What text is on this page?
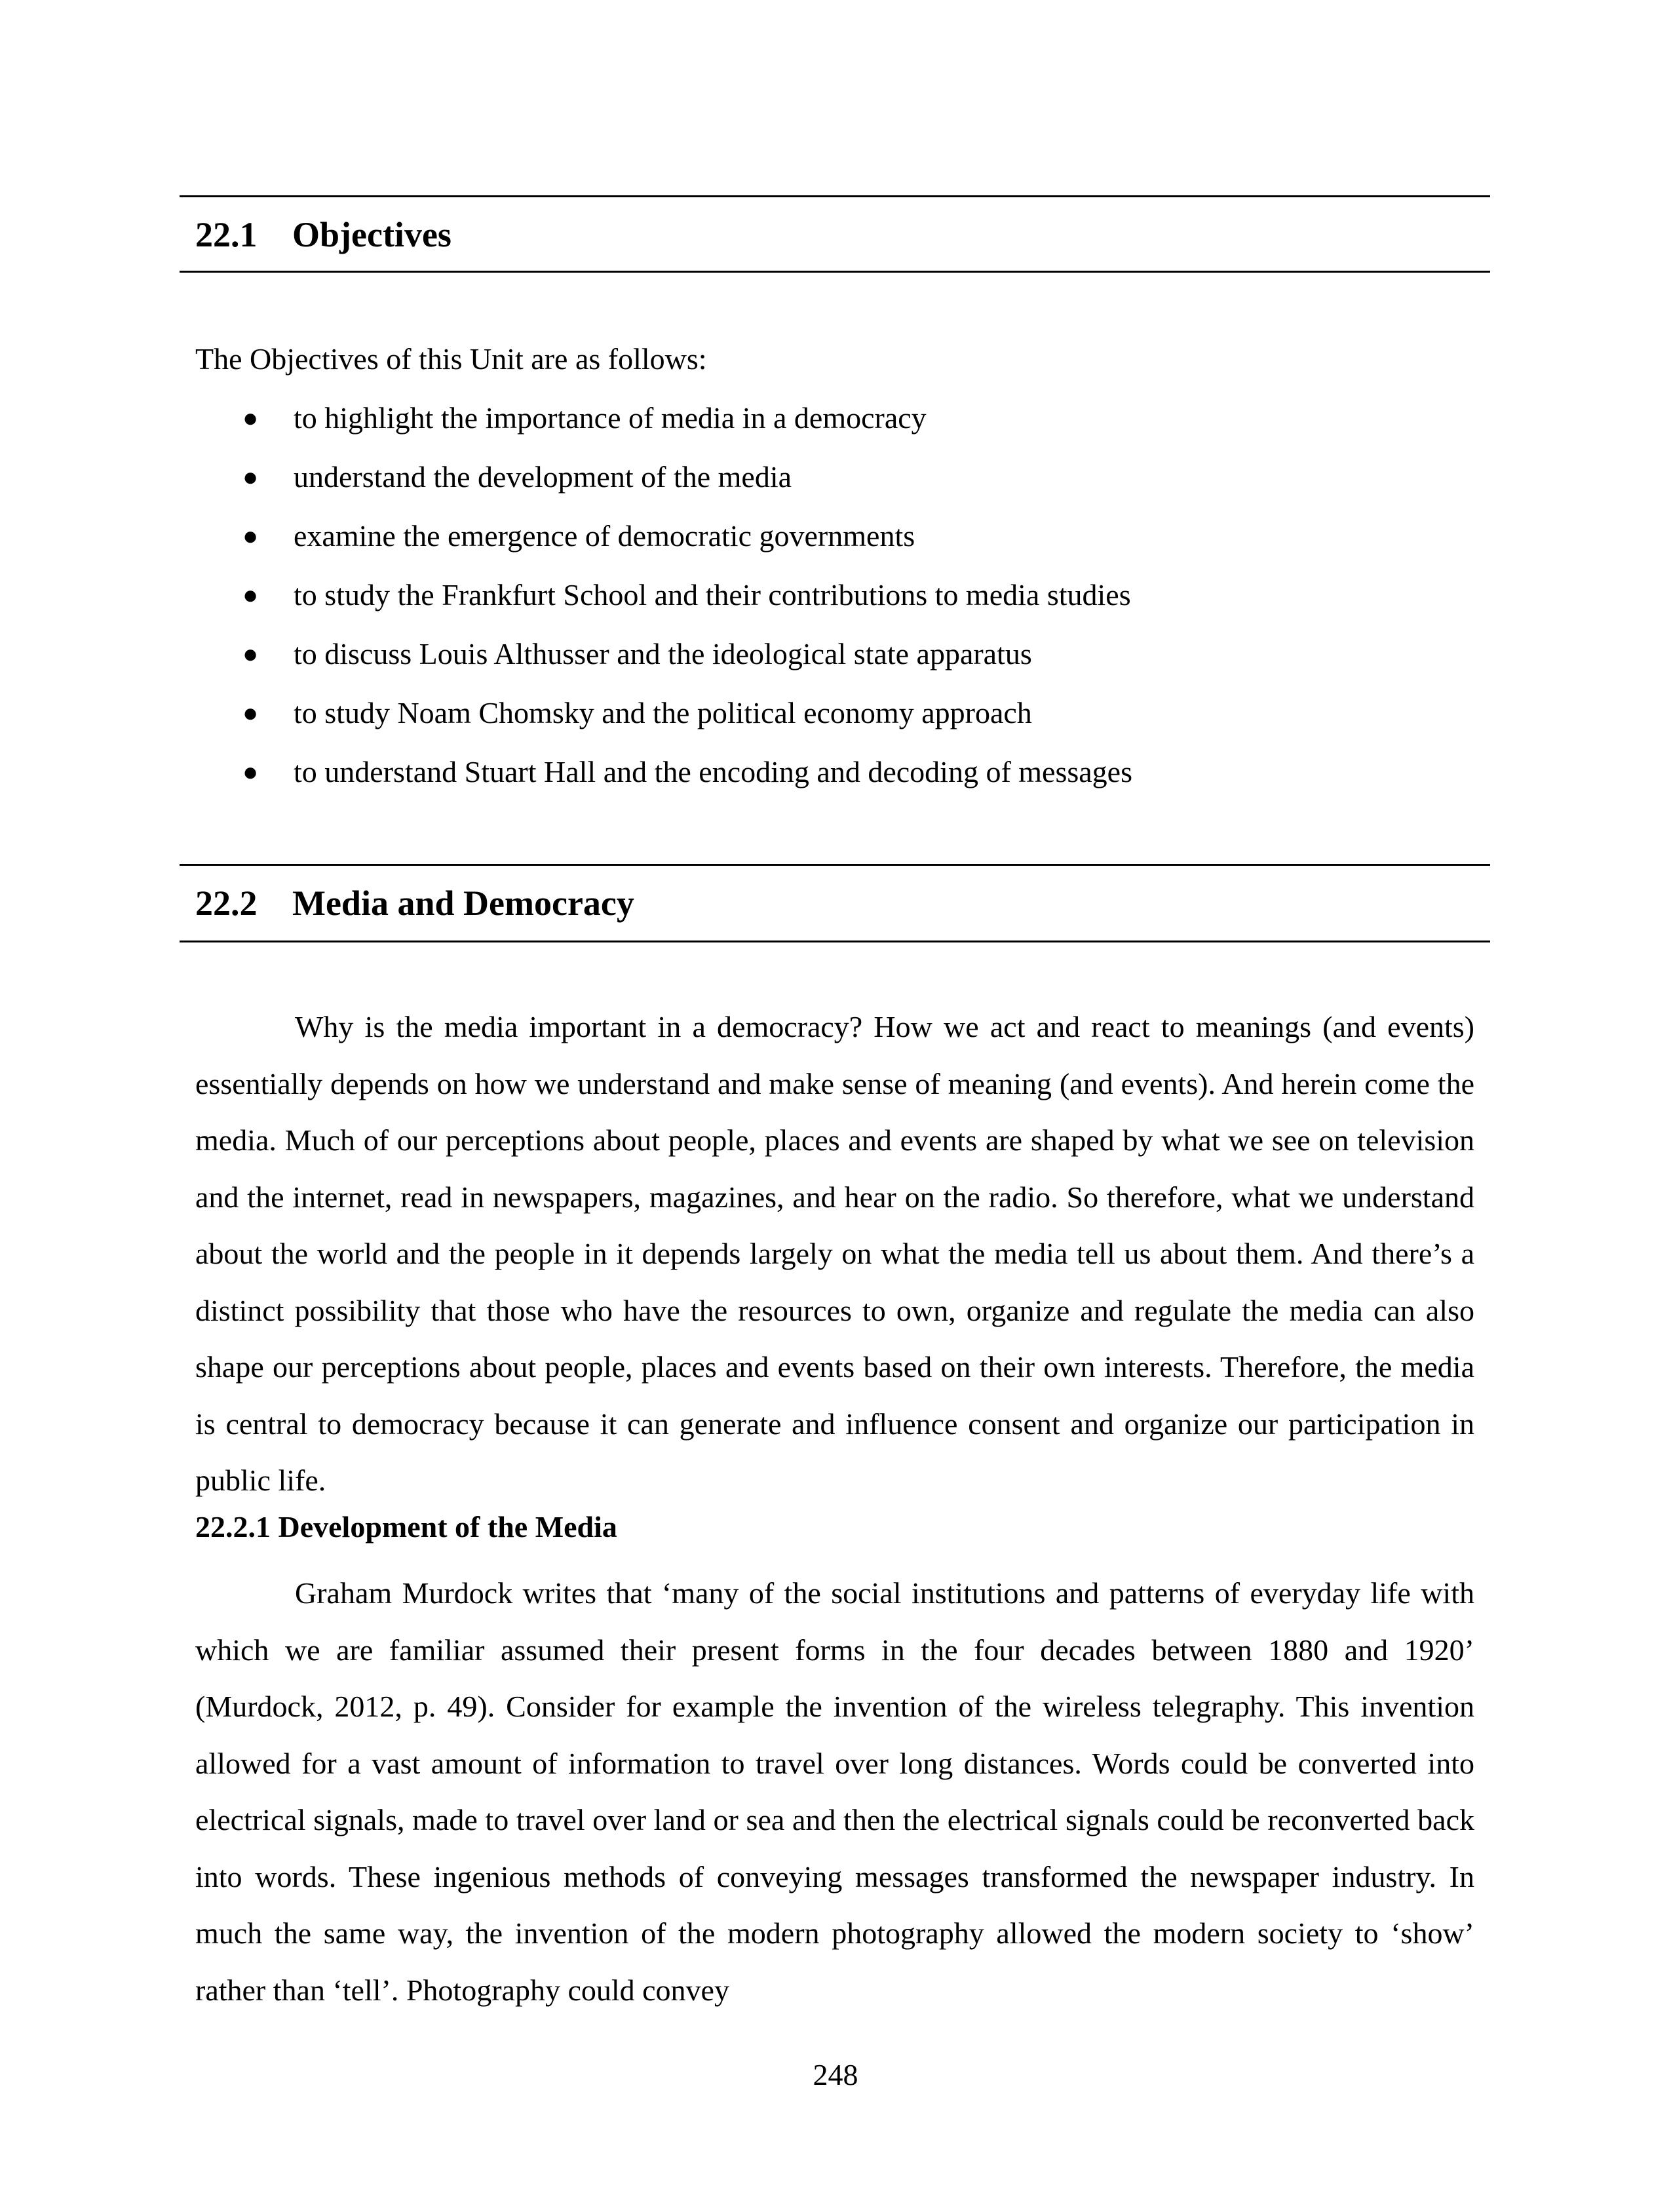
22.1 Objectives
The Objectives of this Unit are as follows:
● to highlight the importance of media in a democracy
● understand the development of the media
● examine the emergence of democratic governments
● to study the Frankfurt School and their contributions to media studies
● to discuss Louis Althusser and the ideological state apparatus
● to study Noam Chomsky and the political economy approach
● to understand Stuart Hall and the encoding and decoding of messages
22.2 Media and Democracy

Why is the media important in a democracy? How we act and react to meanings (and events) essentially depends on how we understand and make sense of meaning (and events). And herein come the media. Much of our perceptions about people, places and events are shaped by what we see on television and the internet, read in newspapers, magazines, and hear on the radio. So therefore, what we understand about the world and the people in it depends largely on what the media tell us about them. And there’s a distinct possibility that those who have the resources to own, organize and regulate the media can also shape our perceptions about people, places and events based on their own interests. Therefore, the media is central to democracy because it can generate and influence consent and organize our participation in public life.

22.2.1 Development of the Media

Graham Murdock writes that ‘many of the social institutions and patterns of everyday life with which we are familiar assumed their present forms in the four decades between 1880 and 1920’ (Murdock, 2012, p. 49). Consider for example the invention of the wireless telegraphy. This invention allowed for a vast amount of information to travel over long distances. Words could be converted into electrical signals, made to travel over land or sea and then the electrical signals could be reconverted back into words. These ingenious methods of conveying messages transformed the newspaper industry. In much the same way, the invention of the modern photography allowed the modern society to ‘show’ rather than ‘tell’. Photography could convey

248
